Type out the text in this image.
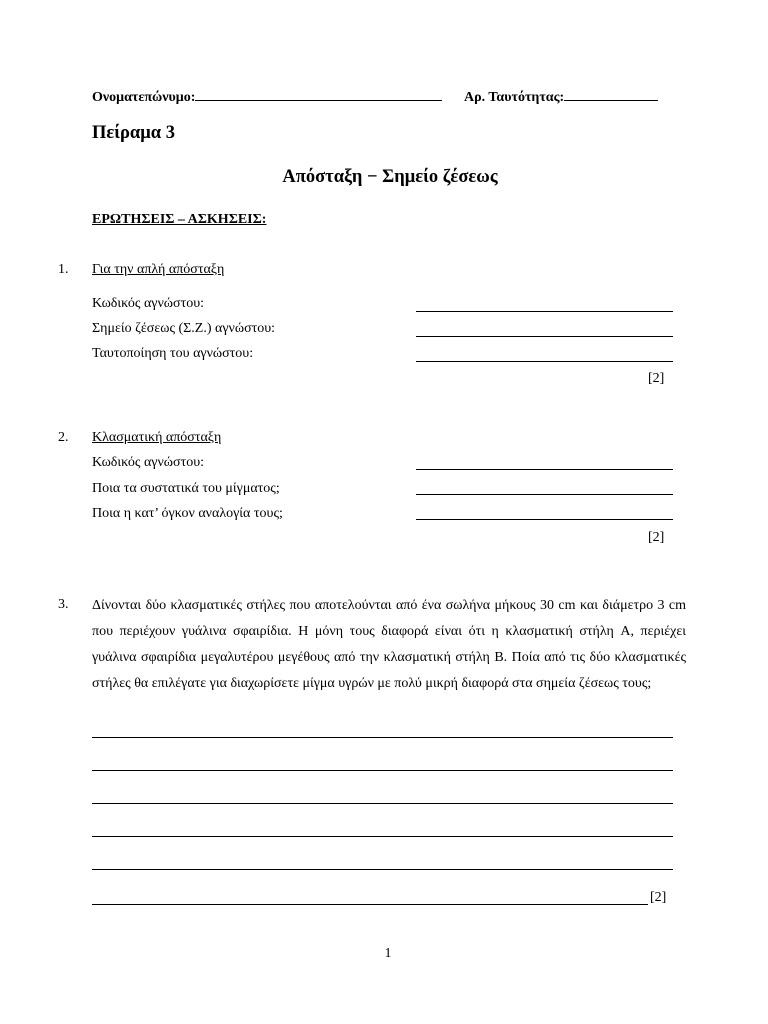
Ονοματεπώνυμο:	Αρ. Ταυτότητας:
Πείραμα 3
Απόσταξη − Σημείο ζέσεως
ΕΡΩΤΗΣΕΙΣ – ΑΣΚΗΣΕΙΣ:
1. Για την απλή απόσταξη
Κωδικός αγνώστου:
Σημείο ζέσεως (Σ.Ζ.) αγνώστου:
Ταυτοποίηση του αγνώστου:
[2]
2. Κλασματική απόσταξη
Κωδικός αγνώστου:
Ποια τα συστατικά του μίγματος;
Ποια η κατ’ όγκον αναλογία τους;
[2]
3. Δίνονται δύο κλασματικές στήλες που αποτελούνται από ένα σωλήνα μήκους 30 cm και διάμετρο 3 cm που περιέχουν γυάλινα σφαιρίδια. Η μόνη τους διαφορά είναι ότι η κλασματική στήλη A, περιέχει γυάλινα σφαιρίδια μεγαλυτέρου μεγέθους από την κλασματική στήλη B. Ποία από τις δύο κλασματικές στήλες θα επιλέγατε για διαχωρίσετε μίγμα υγρών με πολύ μικρή διαφορά στα σημεία ζέσεως τους;
[2]
1
